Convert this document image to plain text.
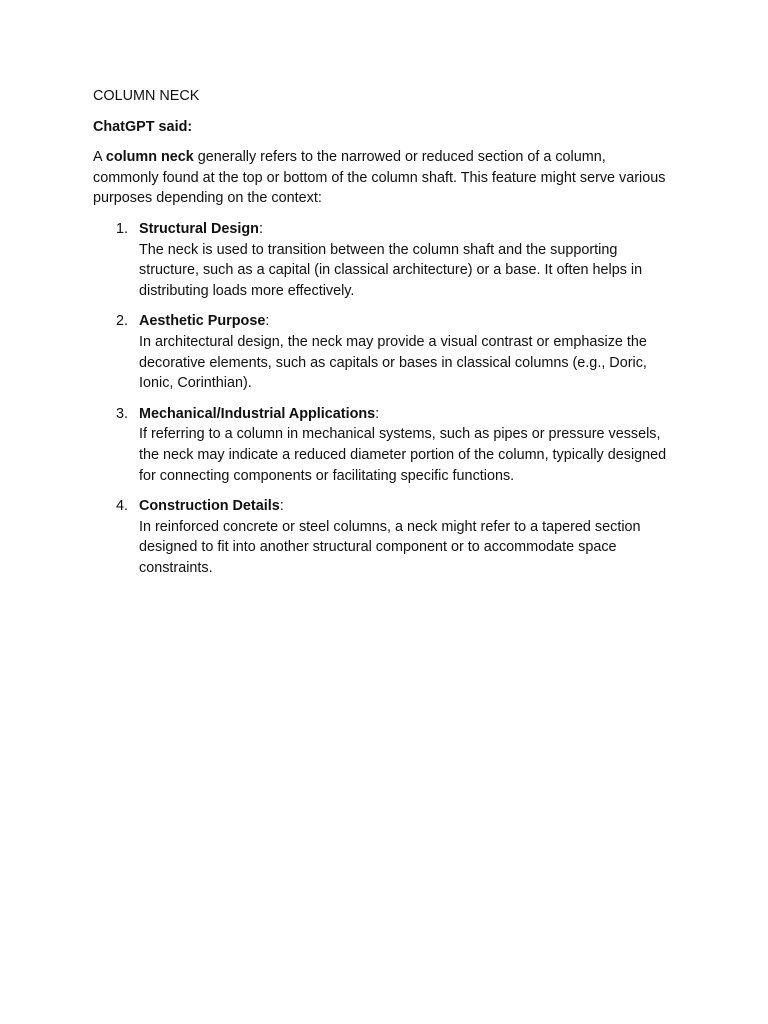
COLUMN NECK

ChatGPT said:

A column neck generally refers to the narrowed or reduced section of a column, commonly found at the top or bottom of the column shaft. This feature might serve various purposes depending on the context:

1. Structural Design:
The neck is used to transition between the column shaft and the supporting structure, such as a capital (in classical architecture) or a base. It often helps in distributing loads more effectively.
2. Aesthetic Purpose:
In architectural design, the neck may provide a visual contrast or emphasize the decorative elements, such as capitals or bases in classical columns (e.g., Doric, Ionic, Corinthian).
3. Mechanical/Industrial Applications:
If referring to a column in mechanical systems, such as pipes or pressure vessels, the neck may indicate a reduced diameter portion of the column, typically designed for connecting components or facilitating specific functions.
4. Construction Details:
In reinforced concrete or steel columns, a neck might refer to a tapered section designed to fit into another structural component or to accommodate space constraints.
